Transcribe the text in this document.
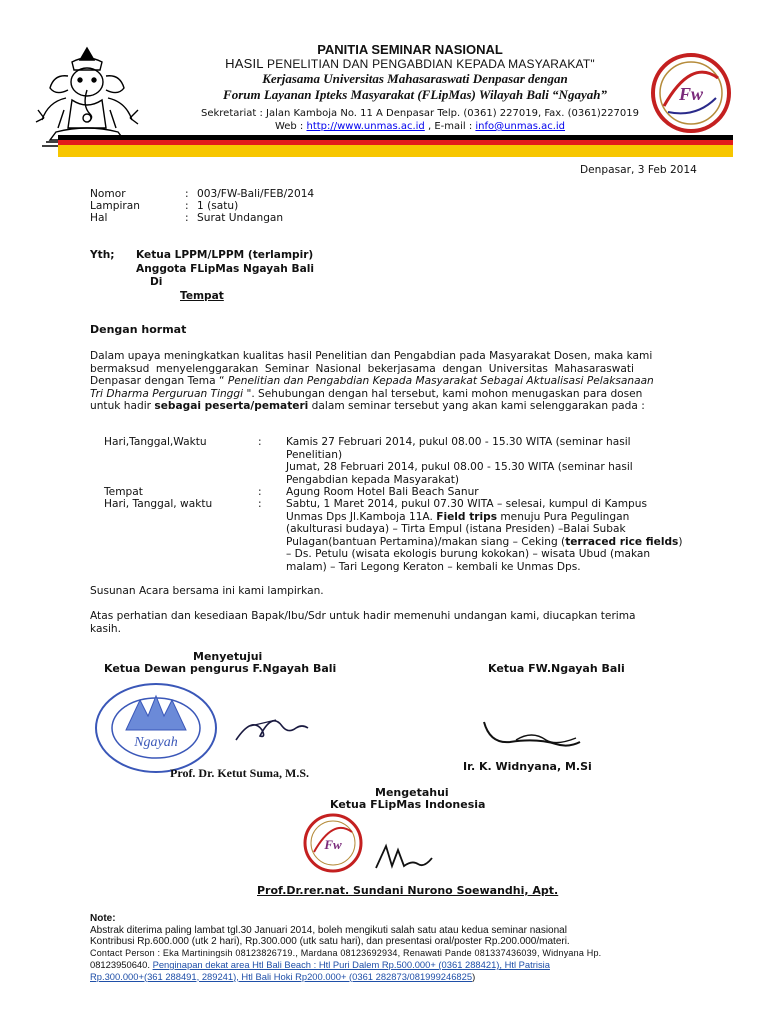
PANITIA SEMINAR NASIONAL
HASIL PENELITIAN DAN PENGABDIAN KEPADA MASYARAKAT"
Kerjasama Universitas Mahasaraswati Denpasar dengan
Forum Layanan Ipteks Masyarakat (FLipMas) Wilayah Bali “Ngayah”
Sekretariat : Jalan Kamboja No. 11 A Denpasar Telp. (0361) 227019, Fax. (0361)227019
Web : http://www.unmas.ac.id , E-mail : info@unmas.ac.id
Fw
Denpasar, 3 Feb 2014
Nomor	: 003/FW-Bali/FEB/2014
Lampiran	: 1 (satu)
Hal	: Surat Undangan
Yth; Ketua LPPM/LPPM (terlampir)
Anggota FLipMas Ngayah Bali
Di
Tempat
Dengan hormat
Dalam upaya meningkatkan kualitas hasil Penelitian dan Pengabdian pada Masyarakat Dosen, maka kami
bermaksud menyelenggarakan Seminar Nasional bekerjasama dengan Universitas Mahasaraswati
Denpasar dengan Tema “ Penelitian dan Pengabdian Kepada Masyarakat Sebagai Aktualisasi Pelaksanaan
Tri Dharma Perguruan Tinggi ". Sehubungan dengan hal tersebut, kami mohon menugaskan para dosen
untuk hadir sebagai peserta/pemateri dalam seminar tersebut yang akan kami selenggarakan pada :
Hari,Tanggal,Waktu	: Kamis 27 Februari 2014, pukul 08.00 - 15.30 WITA (seminar hasil
Penelitian)
Jumat, 28 Februari 2014, pukul 08.00 - 15.30 WITA (seminar hasil
Pengabdian kepada Masyarakat)
Tempat	: Agung Room Hotel Bali Beach Sanur
Hari, Tanggal, waktu	: Sabtu, 1 Maret 2014, pukul 07.30 WITA – selesai, kumpul di Kampus
Unmas Dps Jl.Kamboja 11A. Field trips menuju Pura Pegulingan
(akulturasi budaya) – Tirta Empul (istana Presiden) –Balai Subak
Pulagan(bantuan Pertamina)/makan siang – Ceking (terraced rice fields)
– Ds. Petulu (wisata ekologis burung kokokan) – wisata Ubud (makan
malam) – Tari Legong Keraton – kembali ke Unmas Dps.
Susunan Acara bersama ini kami lampirkan.
Atas perhatian dan kesediaan Bapak/Ibu/Sdr untuk hadir memenuhi undangan kami, diucapkan terima
kasih.
Menyetujui
Ketua Dewan pengurus F.Ngayah Bali	Ketua FW.Ngayah Bali
Ngayah
Prof. Dr. Ketut Suma, M.S.	Ir. K. Widnyana, M.Si
Mengetahui
Ketua FLipMas Indonesia
Fw
Prof.Dr.rer.nat. Sundani Nurono Soewandhi, Apt.
Note:
Abstrak diterima paling lambat tgl.30 Januari 2014, boleh mengikuti salah satu atau kedua seminar nasional
Kontribusi Rp.600.000 (utk 2 hari), Rp.300.000 (utk satu hari), dan presentasi oral/poster Rp.200.000/materi.
Contact Person : Eka Martiningsih 08123826719., Mardana 08123692934, Renawati Pande 081337436039, Widnyana Hp.
08123950640. Penginapan dekat area Htl Bali Beach : Htl Puri Dalem Rp.500.000+ (0361 288421), Htl Patrisia
Rp.300.000+(361 288491, 289241), Htl Bali Hoki Rp200.000+ (0361 282873/081999246825)
